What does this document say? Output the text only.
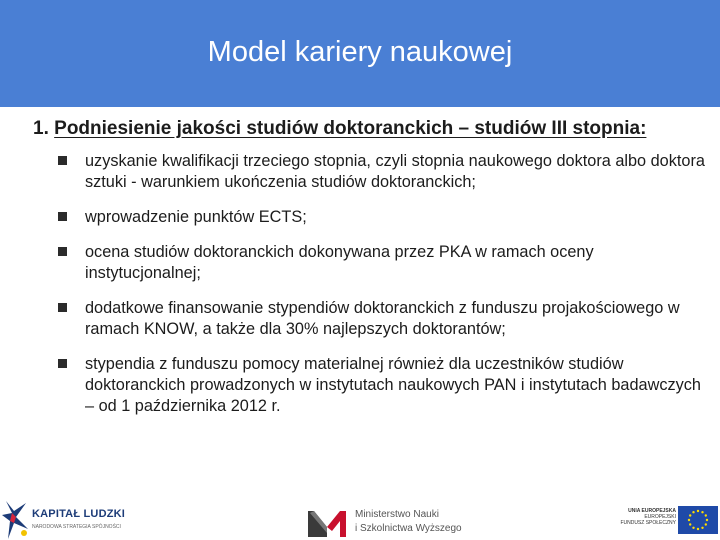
Model kariery naukowej
1. Podniesienie jakości studiów doktoranckich – studiów III stopnia:
uzyskanie kwalifikacji trzeciego stopnia, czyli stopnia naukowego doktora albo doktora sztuki - warunkiem ukończenia studiów doktoranckich;
wprowadzenie punktów ECTS;
ocena studiów doktoranckich dokonywana przez PKA w ramach oceny instytucjonalnej;
dodatkowe finansowanie stypendiów doktoranckich z funduszu projakościowego w ramach KNOW, a także dla 30% najlepszych doktorantów;
stypendia z funduszu pomocy materialnej również dla uczestników studiów doktoranckich prowadzonych w instytutach naukowych PAN i instytutach badawczych – od 1 października 2012 r.
KAPITAŁ LUDZKI
NARODOWA STRATEGIA SPÓJNOŚCI
Ministerstwo Nauki
i Szkolnictwa Wyższego
UNIA EUROPEJSKA
EUROPEJSKI
FUNDUSZ SPOŁECZNY
